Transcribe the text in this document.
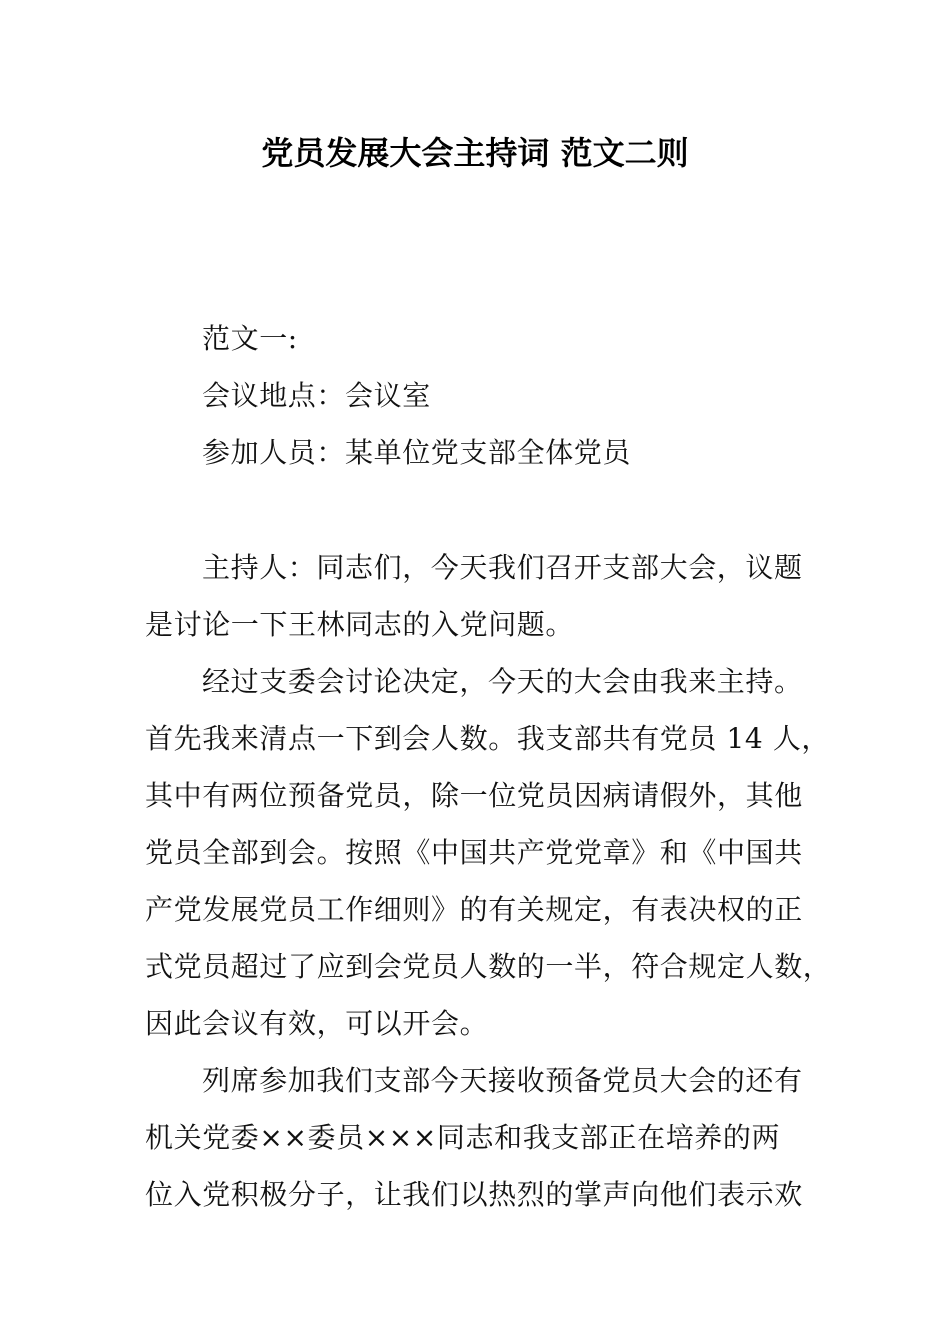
党员发展大会主持词 范文二则
范文一:
会议地点：会议室
参加人员：某单位党支部全体党员
主持人：同志们，今天我们召开支部大会，议题
是讨论一下王林同志的入党问题。
经过支委会讨论决定，今天的大会由我来主持。
首先我来清点一下到会人数。我支部共有党员 14 人，
其中有两位预备党员，除一位党员因病请假外，其他
党员全部到会。按照《中国共产党党章》和《中国共
产党发展党员工作细则》的有关规定，有表决权的正
式党员超过了应到会党员人数的一半，符合规定人数，
因此会议有效，可以开会。
列席参加我们支部今天接收预备党员大会的还有
机关党委××委员×××同志和我支部正在培养的两
位入党积极分子，让我们以热烈的掌声向他们表示欢
